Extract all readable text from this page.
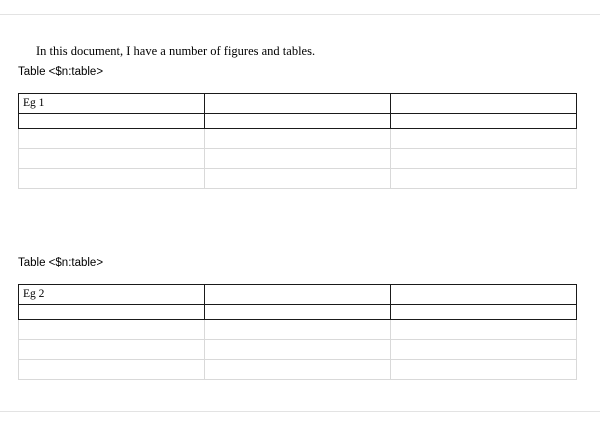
In this document, I have a number of figures and tables.

Table <$n:table>
Eg 1		

Table <$n:table>
Eg 2		
